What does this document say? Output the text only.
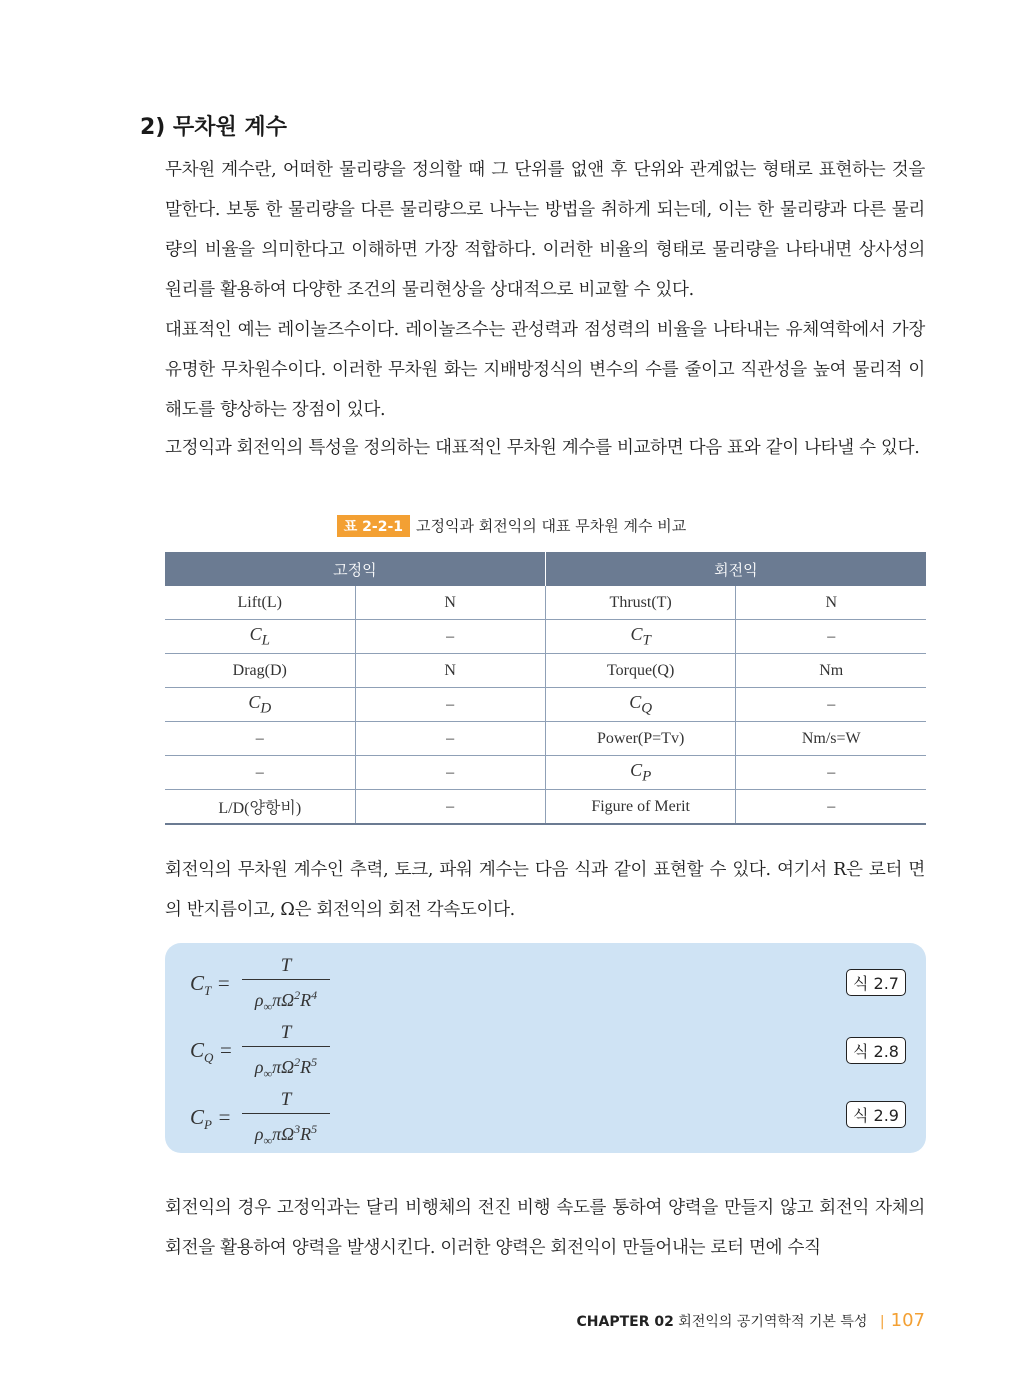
2) 무차원 계수

무차원 계수란, 어떠한 물리량을 정의할 때 그 단위를 없앤 후 단위와 관계없는 형태로 표현하는 것을 말한다. 보통 한 물리량을 다른 물리량으로 나누는 방법을 취하게 되는데, 이는 한 물리량과 다른 물리량의 비율을 의미한다고 이해하면 가장 적합하다. 이러한 비율의 형태로 물리량을 나타내면 상사성의 원리를 활용하여 다양한 조건의 물리현상을 상대적으로 비교할 수 있다.

대표적인 예는 레이놀즈수이다. 레이놀즈수는 관성력과 점성력의 비율을 나타내는 유체역학에서 가장 유명한 무차원수이다. 이러한 무차원 화는 지배방정식의 변수의 수를 줄이고 직관성을 높여 물리적 이해도를 향상하는 장점이 있다.

고정익과 회전익의 특성을 정의하는 대표적인 무차원 계수를 비교하면 다음 표와 같이 나타낼 수 있다.

표 2-2-1 고정익과 회전익의 대표 무차원 계수 비교
고정익		회전익	
Lift(L)	N	Thrust(T)	N
$C_L$	–	$C_T$	–
Drag(D)	N	Torque(Q)	Nm
$C_D$	–	$C_Q$	–
–	–	Power(P=Tv)	Nm/s=W
–	–	$C_P$	–
L/D(양항비)	–	Figure of Merit	–

회전익의 무차원 계수인 추력, 토크, 파워 계수는 다음 식과 같이 표현할 수 있다. 여기서 R은 로터 면의 반지름이고, Ω은 회전익의 회전 각속도이다.

$C_T$ =
T
$\rho_\infty\pi\Omega^2R^4$
식 2.7
$C_Q$ =
T
$\rho_\infty\pi\Omega^2R^5$
식 2.8
$C_P$ =
T
$\rho_\infty\pi\Omega^3R^5$
식 2.9

회전익의 경우 고정익과는 달리 비행체의 전진 비행 속도를 통하여 양력을 만들지 않고 회전익 자체의 회전을 활용하여 양력을 발생시킨다. 이러한 양력은 회전익이 만들어내는 로터 면에 수직

CHAPTER 02 회전익의 공기역학적 기본 특성 | 107
